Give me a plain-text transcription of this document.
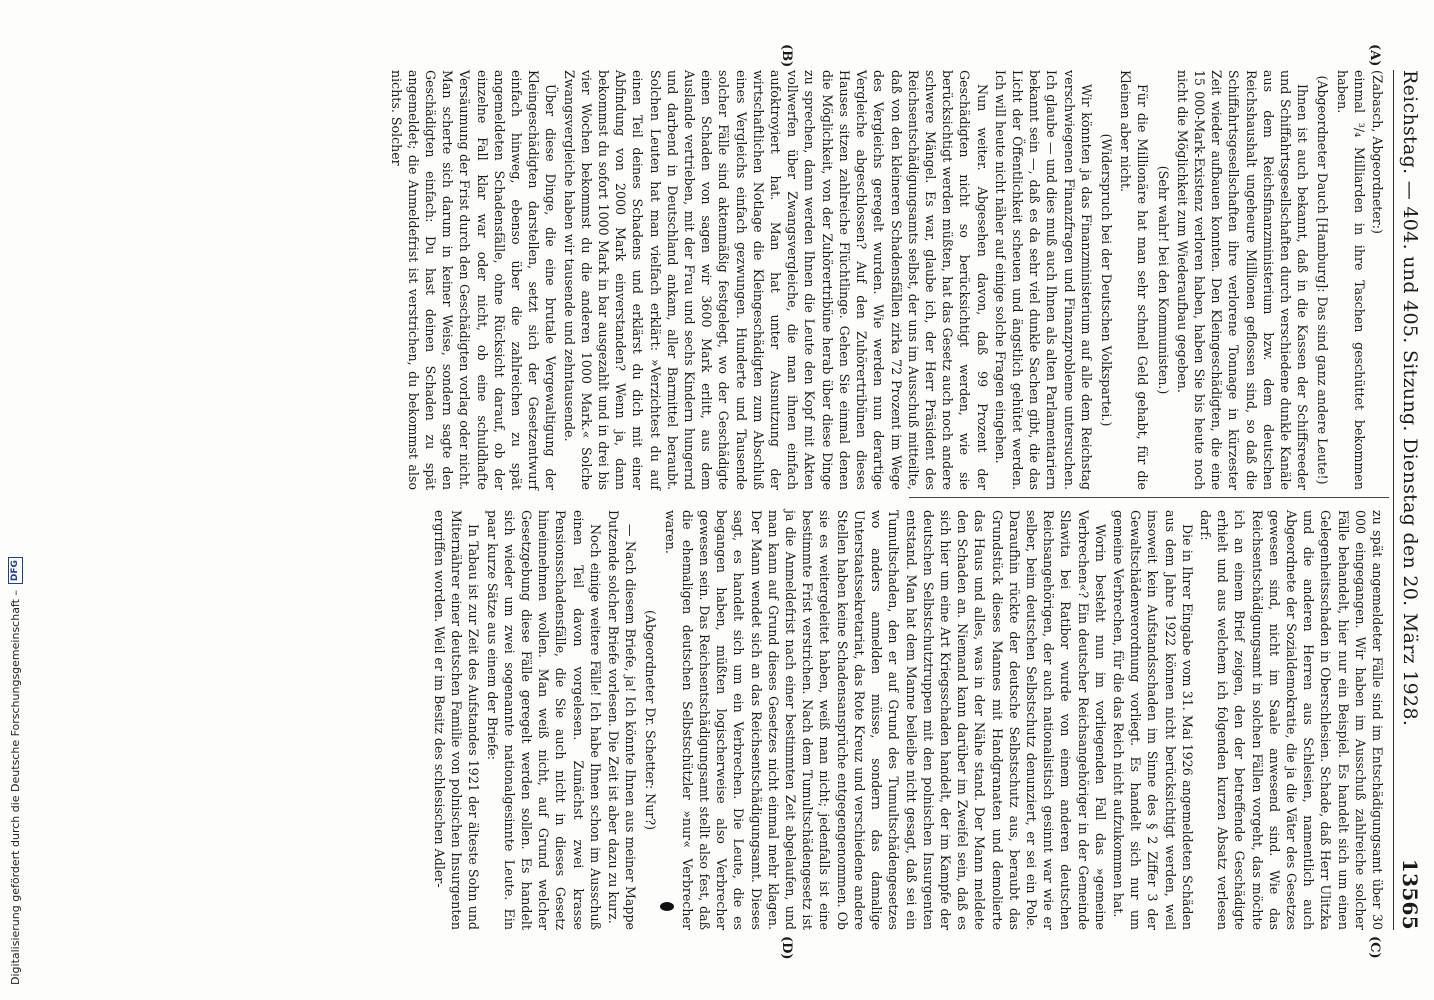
Digitalisierung gefördert durch die Deutsche Forschungsgemeinschaft –
DFG	Reichstag. — 404. und 405. Sitzung. Dienstag den 20. März 1928.
13565
(A)
(B)
(C)
(D)

(Zabasch, Abgeordneter:)

einmal ³/₄ Milliarden in ihre Taschen geschüttet bekommen haben.

(Abgeordneter Dauch [Hamburg]: Das sind ganz andere Leute!)

Ihnen ist auch bekannt, daß in die Kassen der Schiffsreeder und Schiffahrtsgesellschaften durch verschiedene dunkle Kanäle aus dem Reichsfinanzministerium bzw. dem deutschen Reichshaushalt ungeheure Millionen geflossen sind, so daß die Schiffahrtsgesellschaften ihre verlorene Tonnage in kürzester Zeit wieder aufbauen konnten. Den Kleingeschädigten, die eine 15 000-Mark-Existenz verloren haben, haben Sie bis heute noch nicht die Möglichkeit zum Wiederaufbau gegeben.

(Sehr wahr! bei den Kommunisten.)

Für die Millionäre hat man sehr schnell Geld gehabt, für die Kleinen aber nicht.

(Widerspruch bei der Deutschen Volkspartei.)

Wir könnten ja das Finanzministerium auf alle dem Reichstag verschwiegenen Finanzfragen und Finanzprobleme untersuchen. Ich glaube — und dies muß auch Ihnen als alten Parlamentariern bekannt sein —, daß es da sehr viel dunkle Sachen gibt, die das Licht der Öffentlichkeit scheuen und ängstlich gehütet werden. Ich will heute nicht näher auf einige solche Fragen eingehen.

Nun weiter. Abgesehen davon, daß 99 Prozent der Geschädigten nicht so berücksichtigt werden, wie sie berücksichtigt werden müßten, hat das Gesetz auch noch andere schwere Mängel. Es war, glaube ich, der Herr Präsident des Reichsentschädigungsamts selbst, der uns im Ausschuß mitteilte, daß von den kleineren Schadensfällen zirka 72 Prozent im Wege des Vergleichs geregelt wurden. Wie werden nun derartige Vergleiche abgeschlossen? Auf den Zuhörertribünen dieses Hauses sitzen zahlreiche Flüchtlinge. Gehen Sie einmal denen die Möglichkeit, von der Zuhörertribüne herab über diese Dinge zu sprechen, dann werden Ihnen die Leute den Kopf mit Akten vollwerfen über Zwangsvergleiche, die man ihnen einfach aufoktroyiert hat. Man hat unter Ausnutzung der wirtschaftlichen Notlage die Kleingeschädigten zum Abschluß eines Vergleichs einfach gezwungen. Hunderte und Tausende solcher Fälle sind aktenmäßig festgelegt, wo der Geschädigte einen Schaden von sagen wir 3600 Mark erlitt, aus dem Auslande vertrieben, mit der Frau und sechs Kindern hungernd und darbend in Deutschland ankam, aller Barmittel beraubt. Solchen Leuten hat man vielfach erklärt: »Verzichtest du auf einen Teil deines Schadens und erklärst du dich mit einer Abfindung von 2000 Mark einverstanden? Wenn ja, dann bekommst du sofort 1000 Mark in bar ausgezahlt und in drei bis vier Wochen bekommst du die anderen 1000 Mark.« Solche Zwangsvergleiche haben wir tausende und zehntausende.

Über diese Dinge, die eine brutale Vergewaltigung der Kleingeschädigten darstellen, setzt sich der Gesetzentwurf einfach hinweg, ebenso über die zahlreichen zu spät angemeldeten Schadensfälle, ohne Rücksicht darauf, ob der einzelne Fall klar war oder nicht, ob eine schuldhafte Versäumung der Frist durch den Geschädigten vorlag oder nicht. Man scherte sich darum in keiner Weise, sondern sagte den Geschädigten einfach: Du hast deinen Schaden zu spät angemeldet; die Anmeldefrist ist verstrichen, du bekommst also nichts. Solcher

zu spät angemeldeter Fälle sind im Entschädigungsamt über 30 000 eingegangen. Wir haben im Ausschuß zahlreiche solcher Fälle behandelt, hier nur ein Beispiel. Es handelt sich um einen Gelegenheitsschaden in Oberschlesien. Schade, daß Herr Ulitzka und die anderen Herren aus Schlesien, namentlich auch Abgeordnete der Sozialdemokratie, die ja die Väter des Gesetzes gewesen sind, nicht im Saale anwesend sind. Wie das Reichsentschädigungsamt in solchen Fällen vorgeht, das möchte ich an einem Brief zeigen, den der betreffende Geschädigte erhielt und aus welchem ich folgenden kurzen Absatz verlesen darf:

Die in Ihrer Eingabe vom 31. Mai 1926 angemeldeten Schäden aus dem Jahre 1922 können nicht berücksichtigt werden, weil insoweit kein Aufstandsschaden im Sinne des § 2 Ziffer 3 der Gewaltschädenverordnung vorliegt. Es handelt sich nur um gemeine Verbrechen, für die das Reich nicht aufzukommen hat.

Worin besteht nun im vorliegenden Fall das »gemeine Verbrechen«? Ein deutscher Reichsangehöriger in der Gemeinde Slawita bei Ratibor wurde von einem anderen deutschen Reichsangehörigen, der auch nationalistisch gesinnt war wie er selber, beim deutschen Selbstschutz denunziert, er sei ein Pole. Daraufhin rückte der deutsche Selbstschutz aus, beraubt das Grundstück dieses Mannes mit Handgranaten und demolierte das Haus und alles, was in der Nähe stand. Der Mann meldete den Schaden an. Niemand kann darüber im Zweifel sein, daß es sich hier um eine Art Kriegsschaden handelt, der im Kampfe der deutschen Selbstschutztruppen mit den polnischen Insurgenten entstand. Man hat dem Manne beileibe nicht gesagt, daß sei ein Tumultschaden, den er auf Grund des Tumultschädengesetzes wo anders anmelden müsse, sondern das damalige Unterstaatssekretariat, das Rote Kreuz und verschiedene andere Stellen haben keine Schadensansprüche entgegengenommen. Ob sie es weitergeleitet haben, weiß man nicht; jedenfalls ist eine bestimmte Frist verstrichen. Nach dem Tumultschädengesetz ist ja die Anmeldefrist nach einer bestimmten Zeit abgelaufen, und man kann auf Grund dieses Gesetzes nicht einmal mehr klagen. Der Mann wendet sich an das Reichsentschädigungsamt. Dieses sagt, es handelt sich um ein Verbrechen. Die Leute, die es begangen haben, müßten logischerweise also Verbrecher gewesen sein. Das Reichsentschädigungsamt stellt also fest, daß die ehemaligen deutschen Selbstschützler »nur« Verbrecher waren.

(Abgeordneter Dr. Schetter: Nur?)

— Nach diesem Briefe, ja! Ich könnte Ihnen aus meiner Mappe Dutzende solcher Briefe vorlesen. Die Zeit ist aber dazu zu kurz.

Noch einige weitere Fälle! Ich habe Ihnen schon im Ausschuß einen Teil davon vorgelesen. Zunächst zwei krasse Pensionsschadensfälle, die Sie auch nicht in dieses Gesetz hineinnehmen wollen. Man weiß nicht, auf Grund welcher Gesetzgebung diese Fälle geregelt werden sollen. Es handelt sich wieder um zwei sogenannte nationalgesinnte Leute. Ein paar kurze Sätze aus einem der Briefe:

In Tabau ist zur Zeit des Aufstandes 1921 der älteste Sohn und Miternährer einer deutschen Familie von polnischen Insurgenten ergriffen worden. Weil er im Besitz des schlesischen Adler-
